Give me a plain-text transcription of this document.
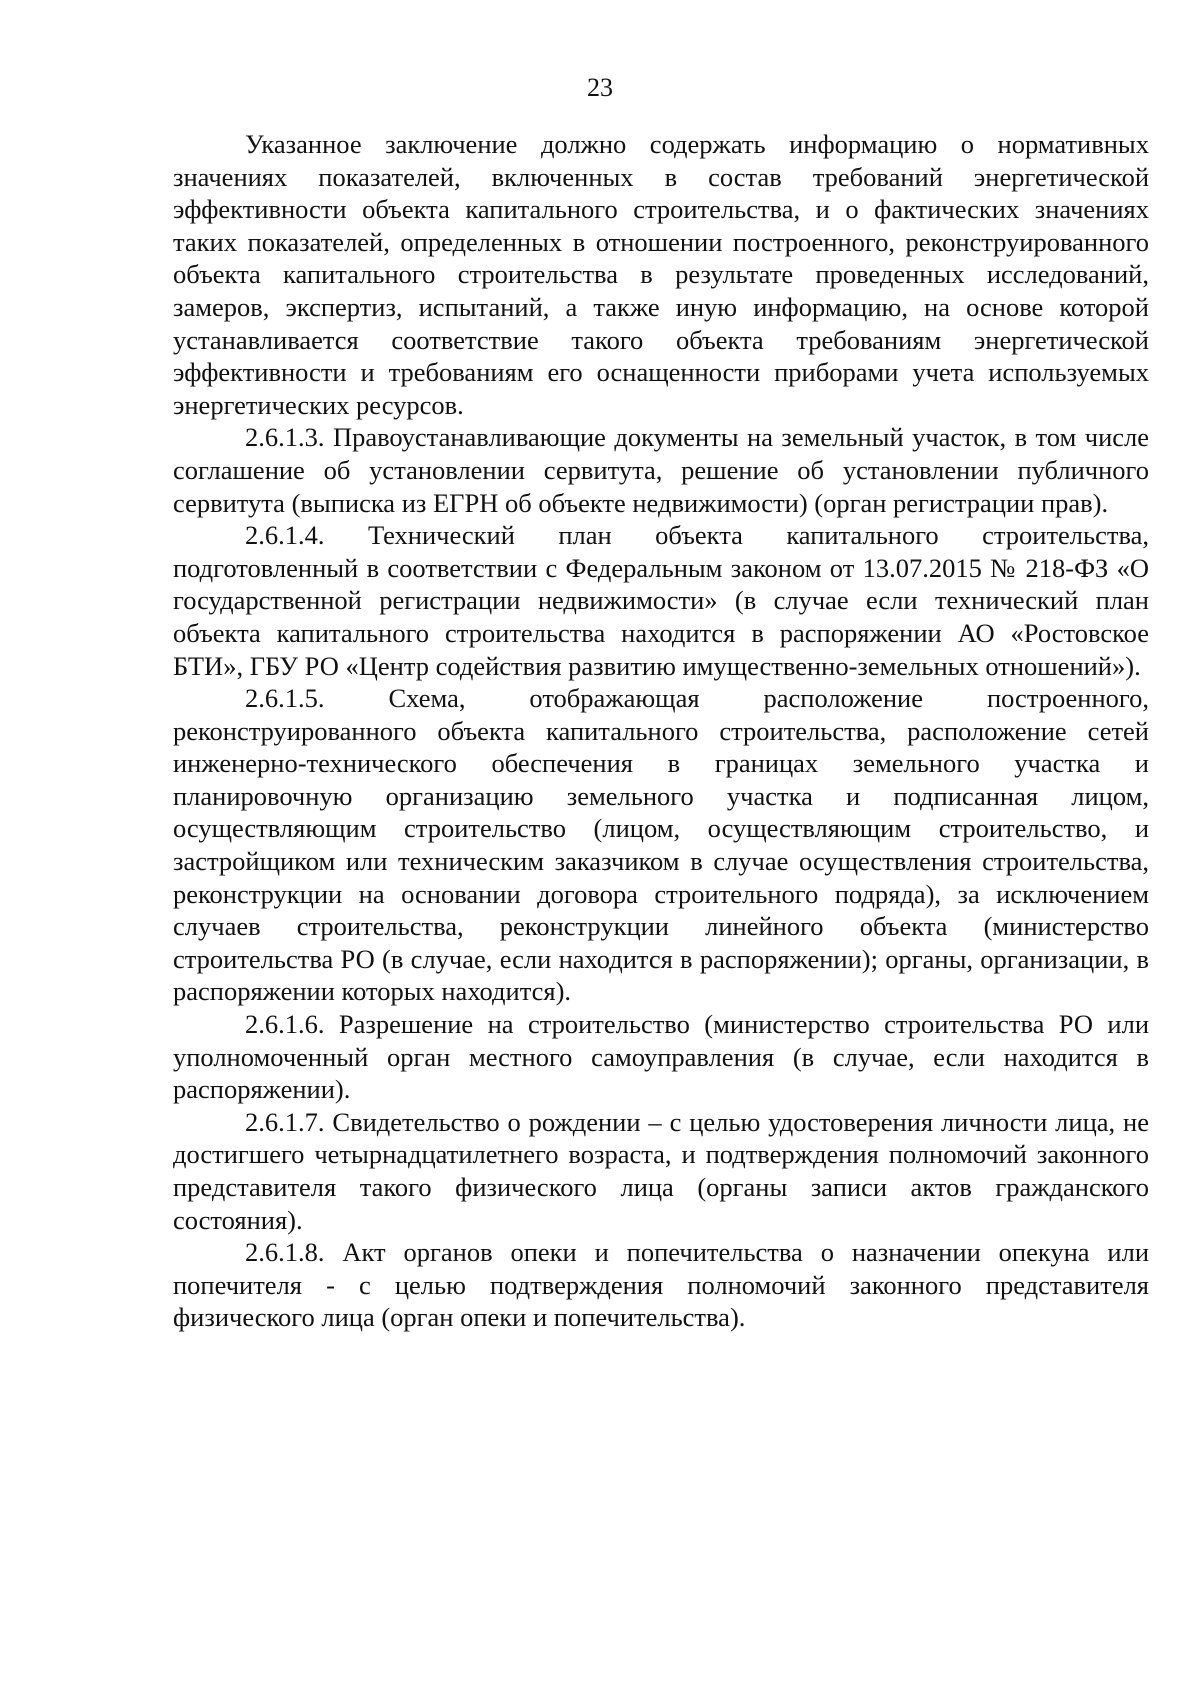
23

Указанное заключение должно содержать информацию о нормативных значениях показателей, включенных в состав требований энергетической эффективности объекта капитального строительства, и о фактических значениях таких показателей, определенных в отношении построенного, реконструированного объекта капитального строительства в результате проведенных исследований, замеров, экспертиз, испытаний, а также иную информацию, на основе которой устанавливается соответствие такого объекта требованиям энергетической эффективности и требованиям его оснащенности приборами учета используемых энергетических ресурсов.

2.6.1.3. Правоустанавливающие документы на земельный участок, в том числе соглашение об установлении сервитута, решение об установлении публичного сервитута (выписка из ЕГРН об объекте недвижимости) (орган регистрации прав).

2.6.1.4. Технический план объекта капитального строительства, подготовленный в соответствии с Федеральным законом от 13.07.2015 № 218-ФЗ «О государственной регистрации недвижимости» (в случае если технический план объекта капитального строительства находится в распоряжении АО «Ростовское БТИ», ГБУ РО «Центр содействия развитию имущественно-земельных отношений»).

2.6.1.5. Схема, отображающая расположение построенного, реконструированного объекта капитального строительства, расположение сетей инженерно-технического обеспечения в границах земельного участка и планировочную организацию земельного участка и подписанная лицом, осуществляющим строительство (лицом, осуществляющим строительство, и застройщиком или техническим заказчиком в случае осуществления строительства, реконструкции на основании договора строительного подряда), за исключением случаев строительства, реконструкции линейного объекта (министерство строительства РО (в случае, если находится в распоряжении); органы, организации, в распоряжении которых находится).

2.6.1.6. Разрешение на строительство (министерство строительства РО или уполномоченный орган местного самоуправления (в случае, если находится в распоряжении).

2.6.1.7. Свидетельство о рождении – с целью удостоверения личности лица, не достигшего четырнадцатилетнего возраста, и подтверждения полномочий законного представителя такого физического лица (органы записи актов гражданского состояния).

2.6.1.8. Акт органов опеки и попечительства о назначении опекуна или попечителя - с целью подтверждения полномочий законного представителя физического лица (орган опеки и попечительства).
